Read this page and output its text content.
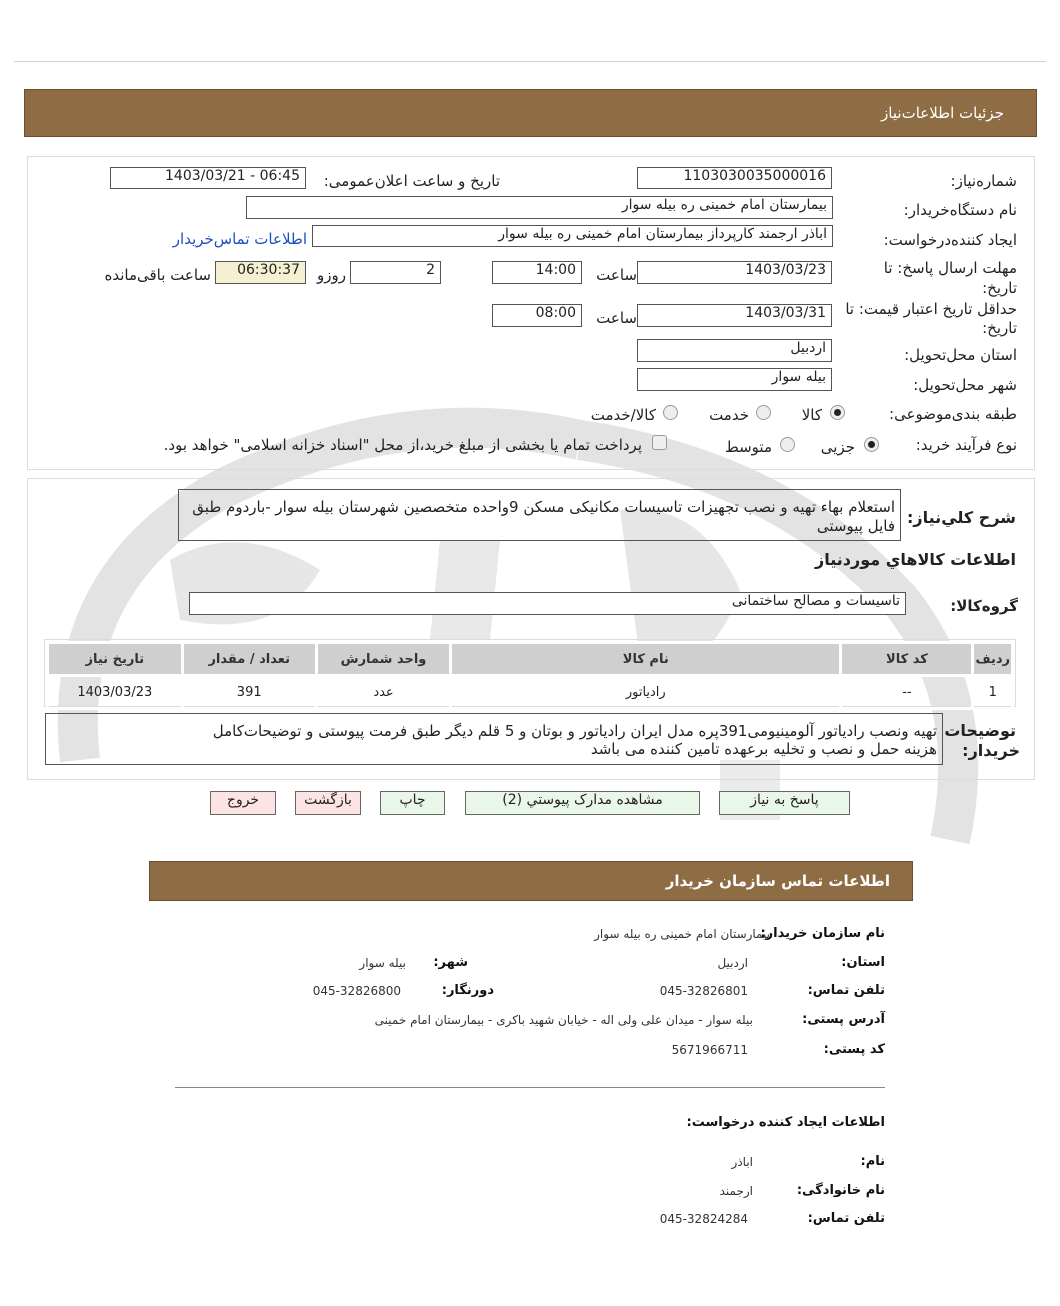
جزئیات اطلاعات‌نیاز
شماره‌نیاز:
1103030035000016
تاریخ و ساعت اعلان‌عمومی:
1403/03/21 - 06:45
نام دستگاه‌خریدار:
بیمارستان امام خمینی ره بیله سوار
ایجاد کننده‌درخواست:
اباذر ارجمند کارپرداز بیمارستان امام خمینی ره بیله سوار
اطلاعات تماس‌خریدار
مهلت ارسال پاسخ: تا تاریخ:
1403/03/23
ساعت
14:00
2
روزو
06:30:37
ساعت باقی‌مانده
حداقل تاریخ اعتبار قیمت: تا
تاریخ:
1403/03/31
ساعت
08:00
استان محل‌تحویل:
اردبیل
شهر محل‌تحویل:
بیله سوار
طبقه بندی‌موضوعی:
کالا
خدمت
کالا/خدمت
نوع فرآیند خرید:
جزیی
متوسط
پرداخت تمام یا بخشی از مبلغ خرید،از محل "اسناد خزانه اسلامی" خواهد بود.
شرح کلي‌نیاز:
استعلام بهاء تهیه و نصب تجهیزات تاسیسات مکانیکی مسکن 9واحده متخصصین شهرستان بیله سوار -باردوم طبق فایل پیوستی
اطلاعات کالاهاي موردنیاز
گروه‌کالا:
تاسیسات و مصالح ساختمانی
ردیف	کد کالا	نام کالا	واحد شمارش	تعداد / مقدار	تاریخ نیاز
1	--	رادیاتور	عدد	391	1403/03/23
توضیحات
خریدار:
تهیه ونصب رادیاتور آلومینیومی391پره مدل ایران رادیاتور و بوتان و 5 قلم دیگر طبق فرمت پیوستی و توضیحات‌کامل
هزینه حمل و نصب و تخلیه برعهده تامین کننده می باشد
پاسخ به نیاز
مشاهده مدارک پیوستي (2)
چاپ
بازگشت
خروج
اطلاعات تماس سازمان خریدار
نام سازمان خریدار:
بیمارستان امام خمینی ره بیله سوار
استان:
اردبیل
شهر:
بیله سوار
تلفن تماس:
045-32826801
دورنگار:
045-32826800
آدرس پستی:
بیله سوار - میدان علی ولی اله - خیابان شهید باکری - بیمارستان امام خمینی
کد پستی:
5671966711
اطلاعات ایجاد کننده درخواست:
نام:
اباذر
نام خانوادگی:
ارجمند
تلفن تماس:
045-32824284
